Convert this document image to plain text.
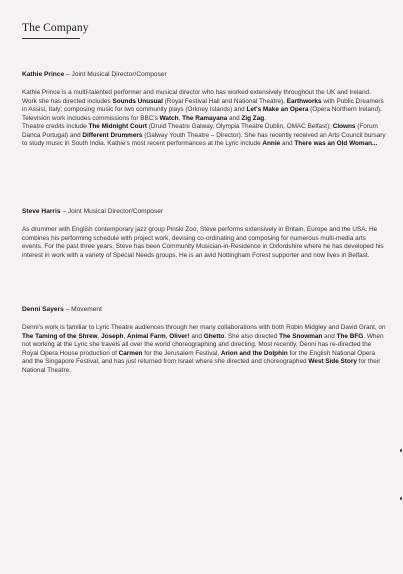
The Company

Kathie Prince – Joint Musical Director/Composer

Kathie Prince is a multi-talented performer and musical director who has worked extensively throughout the UK and Ireland. Work she has directed includes Sounds Unusual (Royal Festival Hall and National Theatre), Earthworks with Public Dreamers in Assisi, Italy; composing music for two community plays (Orkney Islands) and Let's Make an Opera (Opera Northern Ireland).
Television work includes commissions for BBC's Watch, The Ramayana and Zig Zag.
Theatre credits include The Midnight Court (Druid Theatre Galway, Olympia Theatre Dublin, OMAC Belfast); Clowns (Forum Danca Portugal) and Different Drummers (Galway Youth Theatre – Director). She has recently received an Arts Council bursary to study music in South India. Kathie's most recent performances at the Lyric include Annie and There was an Old Woman...

Steve Harris – Joint Musical Director/Composer

As drummer with English contemporary jazz group Pinski Zoo, Steve performs extensively in Britain, Europe and the USA. He combines his performing schedule with project work, devising co-ordinating and composing for numerous multi-media arts events. For the past three years, Steve has been Community Musician-in-Residence in Oxfordshire where he has developed his interest in work with a variety of Special Needs groups. He is an avid Nottingham Forest supporter and now lives in Belfast.

Denni Sayers – Movement

Denni's work is familiar to Lyric Theatre audiences through her many collaborations with both Robin Midgley and David Grant, on The Taming of the Shrew, Joseph, Animal Farm, Oliver! and Ghetto. She also directed The Snowman and The BFG. When not working at the Lyric she travels all over the world choreographing and directing. Most recently, Denni has re-directed the Royal Opera House production of Carmen for the Jerusalem Festival, Arion and the Dolphin for the English National Opera and the Singapore Festival, and has just returned from Israel where she directed and choreographed West Side Story for their National Theatre.
